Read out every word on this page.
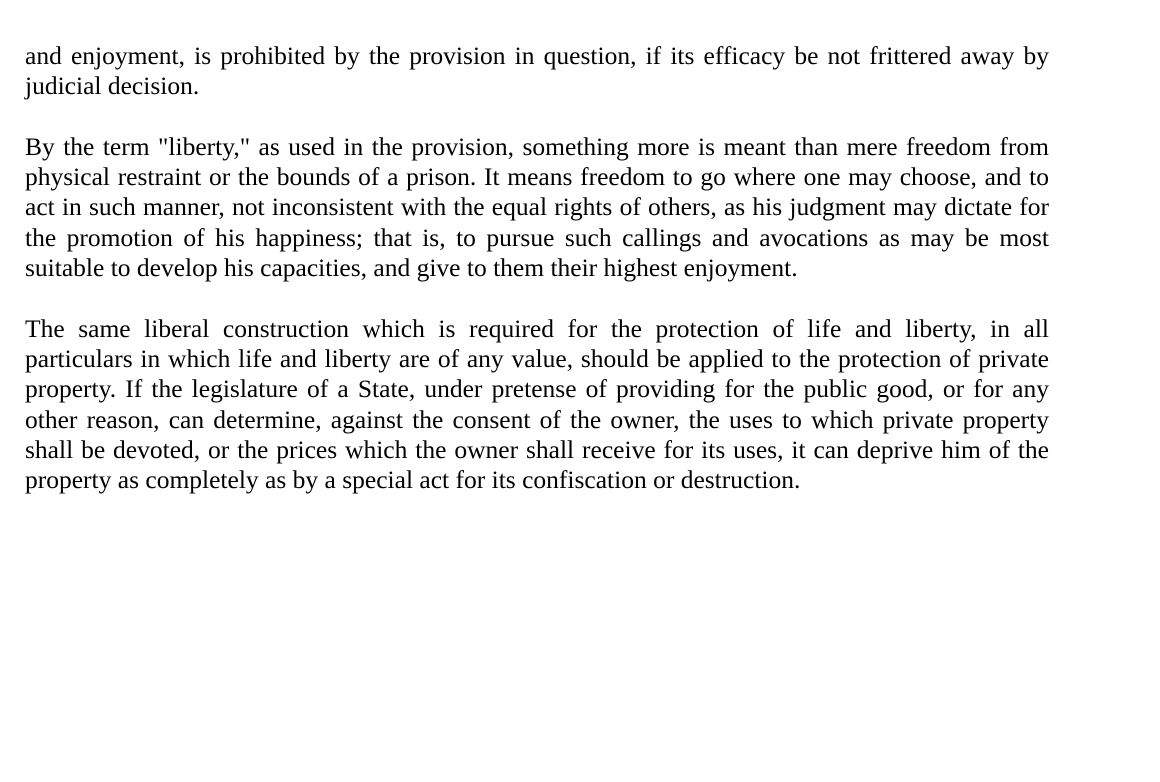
and enjoyment, is prohibited by the provision in question, if its efficacy be not frittered away by judicial decision.

By the term "liberty," as used in the provision, something more is meant than mere freedom from physical restraint or the bounds of a prison. It means freedom to go where one may choose, and to act in such manner, not inconsistent with the equal rights of others, as his judgment may dictate for the promotion of his happiness; that is, to pursue such callings and avocations as may be most suitable to develop his capacities, and give to them their highest enjoyment.

The same liberal construction which is required for the protection of life and liberty, in all particulars in which life and liberty are of any value, should be applied to the protection of private property. If the legislature of a State, under pretense of providing for the public good, or for any other reason, can determine, against the consent of the owner, the uses to which private property shall be devoted, or the prices which the owner shall receive for its uses, it can deprive him of the property as completely as by a special act for its confiscation or destruction.
